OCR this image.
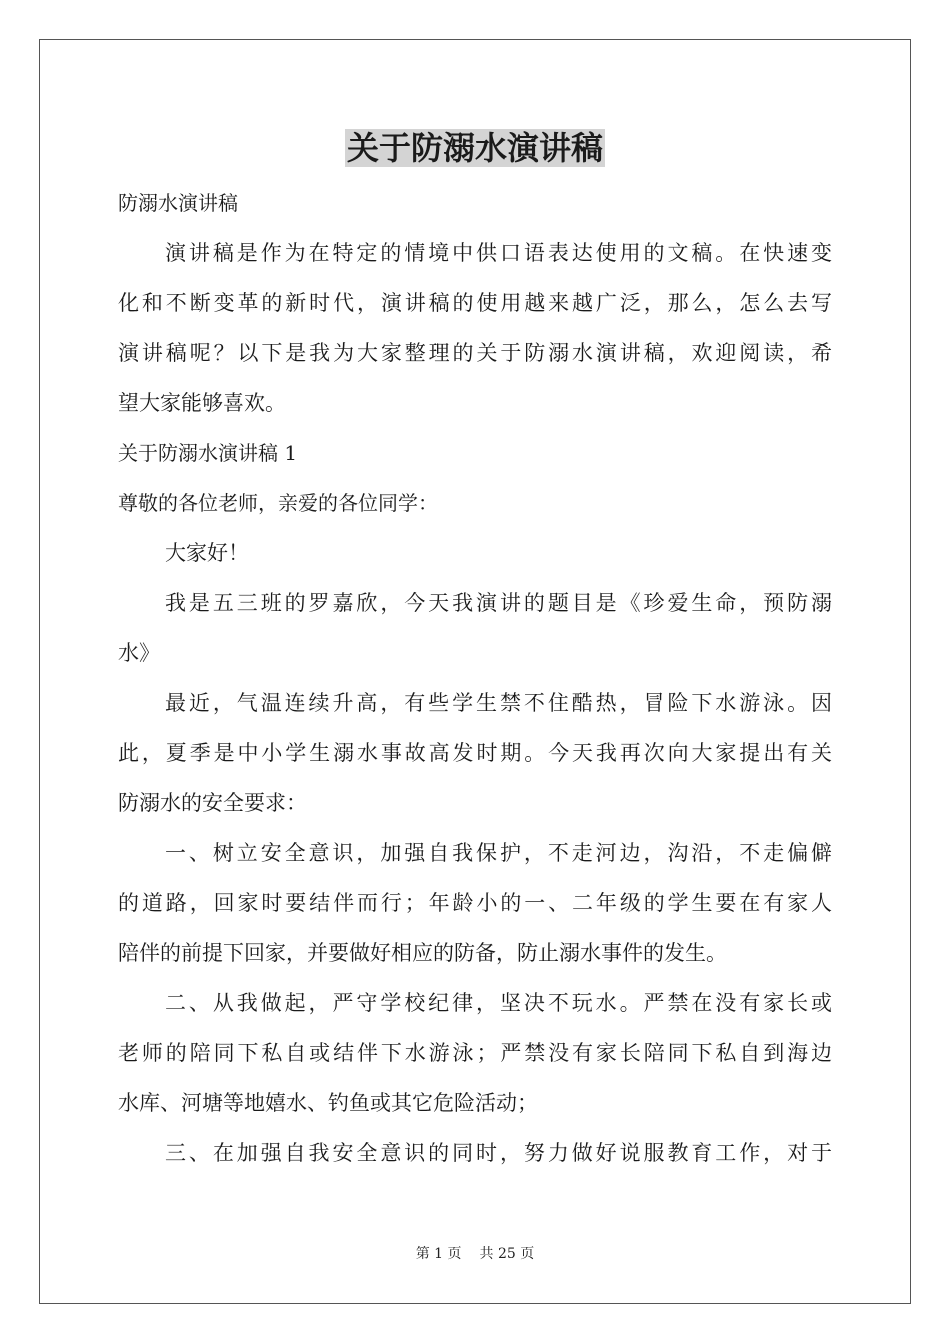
关于防溺水演讲稿

防溺水演讲稿

演讲稿是作为在特定的情境中供口语表达使用的文稿。在快速变

化和不断变革的新时代，演讲稿的使用越来越广泛，那么，怎么去写

演讲稿呢？以下是我为大家整理的关于防溺水演讲稿，欢迎阅读，希

望大家能够喜欢。

关于防溺水演讲稿 1

尊敬的各位老师，亲爱的各位同学：

大家好！

我是五三班的罗嘉欣，今天我演讲的题目是《珍爱生命，预防溺

水》

最近，气温连续升高，有些学生禁不住酷热，冒险下水游泳。因

此，夏季是中小学生溺水事故高发时期。今天我再次向大家提出有关

防溺水的安全要求：

一、树立安全意识，加强自我保护，不走河边，沟沿，不走偏僻

的道路，回家时要结伴而行；年龄小的一、二年级的学生要在有家人

陪伴的前提下回家，并要做好相应的防备，防止溺水事件的发生。

二、从我做起，严守学校纪律，坚决不玩水。严禁在没有家长或

老师的陪同下私自或结伴下水游泳；严禁没有家长陪同下私自到海边

水库、河塘等地嬉水、钓鱼或其它危险活动；

三、在加强自我安全意识的同时，努力做好说服教育工作，对于

第 1 页 共 25 页
